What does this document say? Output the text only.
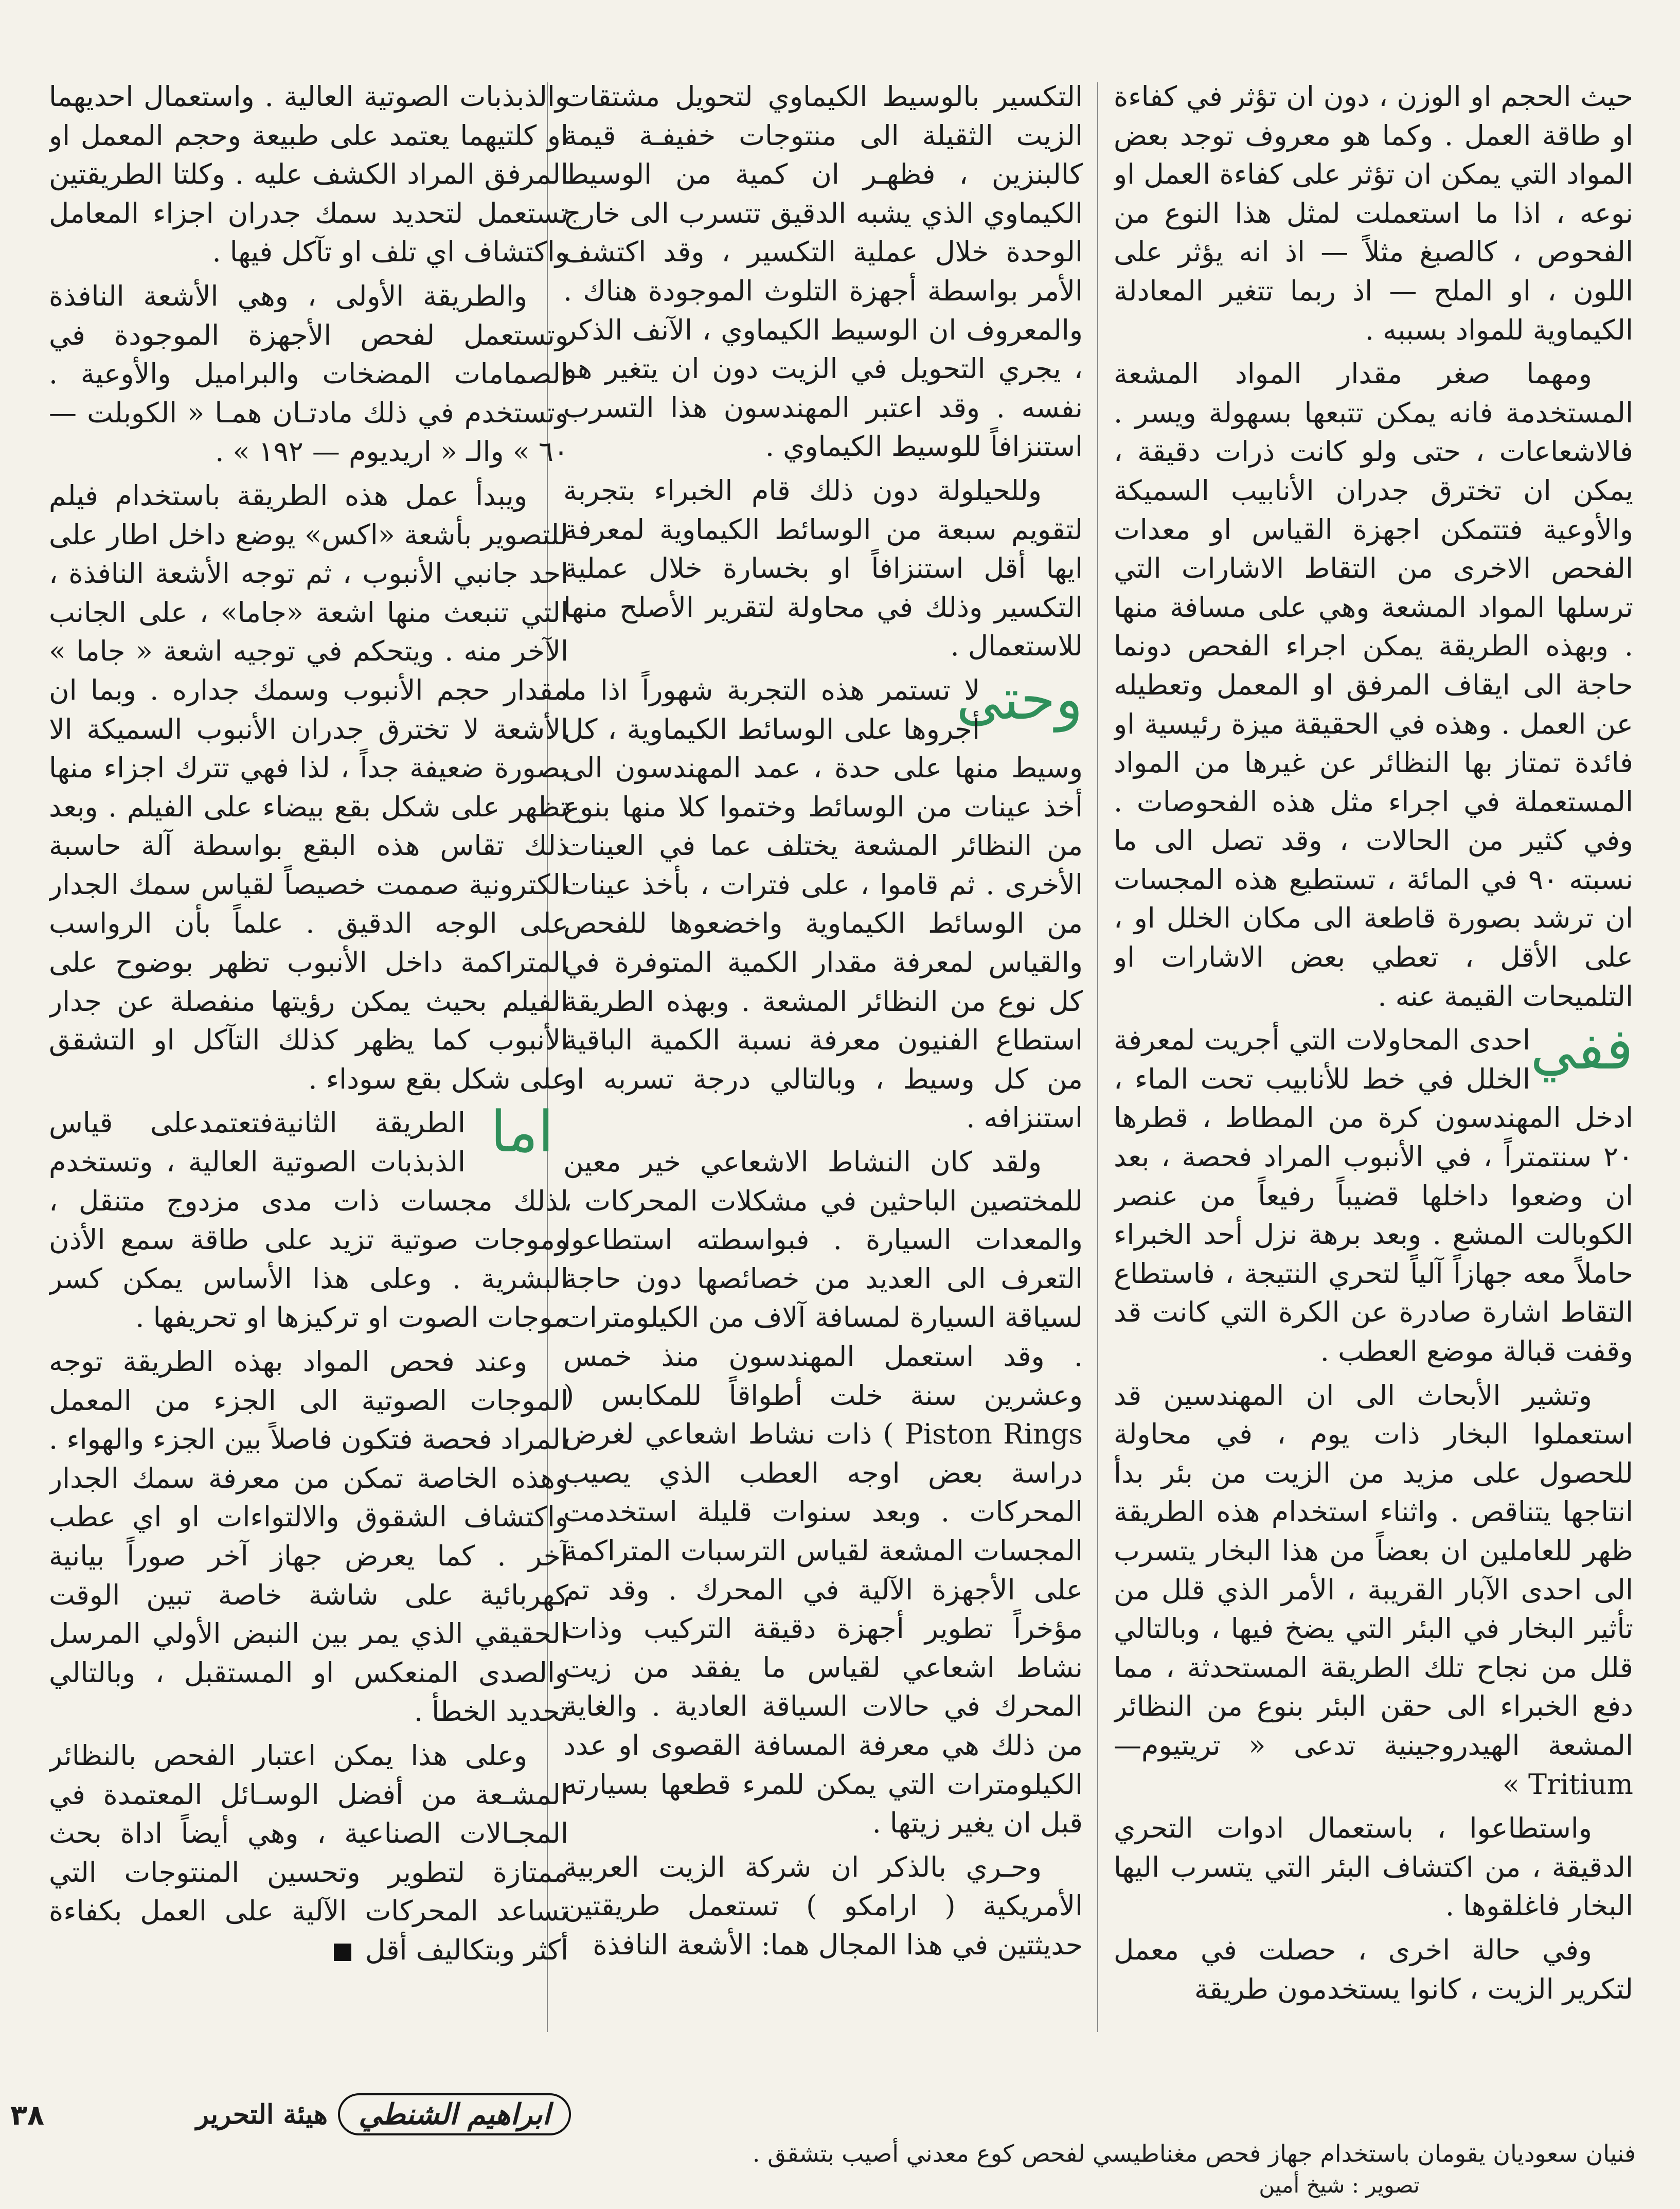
حيث الحجم او الوزن ، دون ان تؤثر في كفاءة او طاقة العمل . وكما هو معروف توجد بعض المواد التي يمكن ان تؤثر على كفاءة العمل او نوعه ، اذا ما استعملت لمثل هذا النوع من الفحوص ، كالصبغ مثلاً — اذ انه يؤثر على اللون ، او الملح — اذ ربما تتغير المعادلة الكيماوية للمواد بسببه .

ومهما صغر مقدار المواد المشعة المستخدمة فانه يمكن تتبعها بسهولة ويسر . فالاشعاعات ، حتى ولو كانت ذرات دقيقة ، يمكن ان تخترق جدران الأنابيب السميكة والأوعية فتتمكن اجهزة القياس او معدات الفحص الاخرى من التقاط الاشارات التي ترسلها المواد المشعة وهي على مسافة منها . وبهذه الطريقة يمكن اجراء الفحص دونما حاجة الى ايقاف المرفق او المعمل وتعطيله عن العمل . وهذه في الحقيقة ميزة رئيسية او فائدة تمتاز بها النظائر عن غيرها من المواد المستعملة في اجراء مثل هذه الفحوصات . وفي كثير من الحالات ، وقد تصل الى ما نسبته ٩٠ في المائة ، تستطيع هذه المجسات ان ترشد بصورة قاطعة الى مكان الخلل او ، على الأقل ، تعطي بعض الاشارات او التلميحات القيمة عنه .

ففي
احدى المحاولات التي أجريت لمعرفة الخلل في خط للأنابيب تحت الماء ، ادخل المهندسون كرة من المطاط ، قطرها ٢٠ سنتمتراً ، في الأنبوب المراد فحصة ، بعد ان وضعوا داخلها قضيباً رفيعاً من عنصر الكوبالت المشع . وبعد برهة نزل أحد الخبراء حاملاً معه جهازاً آلياً لتحري النتيجة ، فاستطاع التقاط اشارة صادرة عن الكرة التي كانت قد وقفت قبالة موضع العطب .

وتشير الأبحاث الى ان المهندسين قد استعملوا البخار ذات يوم ، في محاولة للحصول على مزيد من الزيت من بئر بدأ انتاجها يتناقص . واثناء استخدام هذه الطريقة ظهر للعاملين ان بعضاً من هذا البخار يتسرب الى احدى الآبار القريبة ، الأمر الذي قلل من تأثير البخار في البئر التي يضخ فيها ، وبالتالي قلل من نجاح تلك الطريقة المستحدثة ، مما دفع الخبراء الى حقن البئر بنوع من النظائر المشعة الهيدروجينية تدعى « تريتيوم—Tritium »

واستطاعوا ، باستعمال ادوات التحري الدقيقة ، من اكتشاف البئر التي يتسرب اليها البخار فاغلقوها .

وفي حالة اخرى ، حصلت في معمل لتكرير الزيت ، كانوا يستخدمون طريقة

التكسير بالوسيط الكيماوي لتحويل مشتقات الزيت الثقيلة الى منتوجات خفيفـة قيمة كالبنزين ، فظهـر ان كمية من الوسيط الكيماوي الذي يشبه الدقيق تتسرب الى خارج الوحدة خلال عملية التكسير ، وقد اكتشف الأمر بواسطة أجهزة التلوث الموجودة هناك . والمعروف ان الوسيط الكيماوي ، الآنف الذكر ، يجري التحويل في الزيت دون ان يتغير هو نفسه . وقد اعتبر المهندسون هذا التسرب استنزافاً للوسيط الكيماوي .

وللحيلولة دون ذلك قام الخبراء بتجربة لتقويم سبعة من الوسائط الكيماوية لمعرفة ايها أقل استنزافاً او بخسارة خلال عملية التكسير وذلك في محاولة لتقرير الأصلح منها للاستعمال .

وحتى
لا تستمر هذه التجربة شهوراً اذا ما أجروها على الوسائط الكيماوية ، كل وسيط منها على حدة ، عمد المهندسون الى أخذ عينات من الوسائط وختموا كلا منها بنوع من النظائر المشعة يختلف عما في العينات الأخرى . ثم قاموا ، على فترات ، بأخذ عينات من الوسائط الكيماوية واخضعوها للفحص والقياس لمعرفة مقدار الكمية المتوفرة في كل نوع من النظائر المشعة . وبهذه الطريقة استطاع الفنيون معرفة نسبة الكمية الباقية من كل وسيط ، وبالتالي درجة تسربه او استنزافه .

ولقد كان النشاط الاشعاعي خير معين للمختصين الباحثين في مشكلات المحركات ، والمعدات السيارة . فبواسطته استطاعوا التعرف الى العديد من خصائصها دون حاجة لسياقة السيارة لمسافة آلاف من الكيلومترات . وقد استعمل المهندسون منذ خمس وعشرين سنة خلت أطواقاً للمكابس ( Piston Rings ) ذات نشاط اشعاعي لغرض دراسة بعض اوجه العطب الذي يصيب المحركات . وبعد سنوات قليلة استخدمت المجسات المشعة لقياس الترسبات المتراكمة على الأجهزة الآلية في المحرك . وقد تم مؤخراً تطوير أجهزة دقيقة التركيب وذات نشاط اشعاعي لقياس ما يفقد من زيت المحرك في حالات السياقة العادية . والغاية من ذلك هي معرفة المسافة القصوى او عدد الكيلومترات التي يمكن للمرء قطعها بسيارته قبل ان يغير زيتها .

وحـري بالذكر ان شركة الزيت العربية الأمريكية ( ارامكو ) تستعمل طريقتين حديثتين في هذا المجال هما: الأشعة النافذة

والذبذبات الصوتية العالية . واستعمال احديهما او كلتيهما يعتمد على طبيعة وحجم المعمل او المرفق المراد الكشف عليه . وكلتا الطريقتين تستعمل لتحديد سمك جدران اجزاء المعامل واكتشاف اي تلف او تآكل فيها .

والطريقة الأولى ، وهي الأشعة النافذة وتستعمل لفحص الأجهزة الموجودة في الصمامات المضخات والبراميل والأوعية . وتستخدم في ذلك مادتـان همـا « الكوبلت — ٦٠ » والـ « اريديوم — ١٩٢ » .

ويبدأ عمل هذه الطريقة باستخدام فيلم للتصوير بأشعة «اكس» يوضع داخل اطار على احد جانبي الأنبوب ، ثم توجه الأشعة النافذة ، التي تنبعث منها اشعة «جاما» ، على الجانب الآخر منه . ويتحكم في توجيه اشعة « جاما » مقدار حجم الأنبوب وسمك جداره . وبما ان الأشعة لا تخترق جدران الأنبوب السميكة الا بصورة ضعيفة جداً ، لذا فهي تترك اجزاء منها تظهر على شكل بقع بيضاء على الفيلم . وبعد ذلك تقاس هذه البقع بواسطة آلة حاسبة الكترونية صممت خصيصاً لقياس سمك الجدار على الوجه الدقيق . علماً بأن الرواسب المتراكمة داخل الأنبوب تظهر بوضوح على الفيلم بحيث يمكن رؤيتها منفصلة عن جدار الأنبوب كما يظهر كذلك التآكل او التشقق على شكل بقع سوداء .

اما
الطريقة الثانيةفتعتمدعلى قياس الذبذبات الصوتية العالية ، وتستخدم لذلك مجسات ذات مدى مزدوج متنقل ، وموجات صوتية تزيد على طاقة سمع الأذن البشرية . وعلى هذا الأساس يمكن كسر موجات الصوت او تركيزها او تحريفها .

وعند فحص المواد بهذه الطريقة توجه الموجات الصوتية الى الجزء من المعمل المراد فحصة فتكون فاصلاً بين الجزء والهواء . وهذه الخاصة تمكن من معرفة سمك الجدار واكتشاف الشقوق والالتواءات او اي عطب آخر . كما يعرض جهاز آخر صوراً بيانية كهربائية على شاشة خاصة تبين الوقت الحقيقي الذي يمر بين النبض الأولي المرسل والصدى المنعكس او المستقبل ، وبالتالي تحديد الخطأ .

وعلى هذا يمكن اعتبار الفحص بالنظائر المشـعة من أفضل الوسـائل المعتمدة في المجـالات الصناعية ، وهي أيضاً اداة بحث ممتازة لتطوير وتحسين المنتوجات التي تساعد المحركات الآلية على العمل بكفاءة أكثر وبتكاليف أقل

٣٨	ابراهيم الشنطي
هيئة التحرير
فنيان سعوديان يقومان باستخدام جهاز فحص مغناطيسي لفحص كوع معدني أصيب بتشقق .
تصوير : شيخ أمين
